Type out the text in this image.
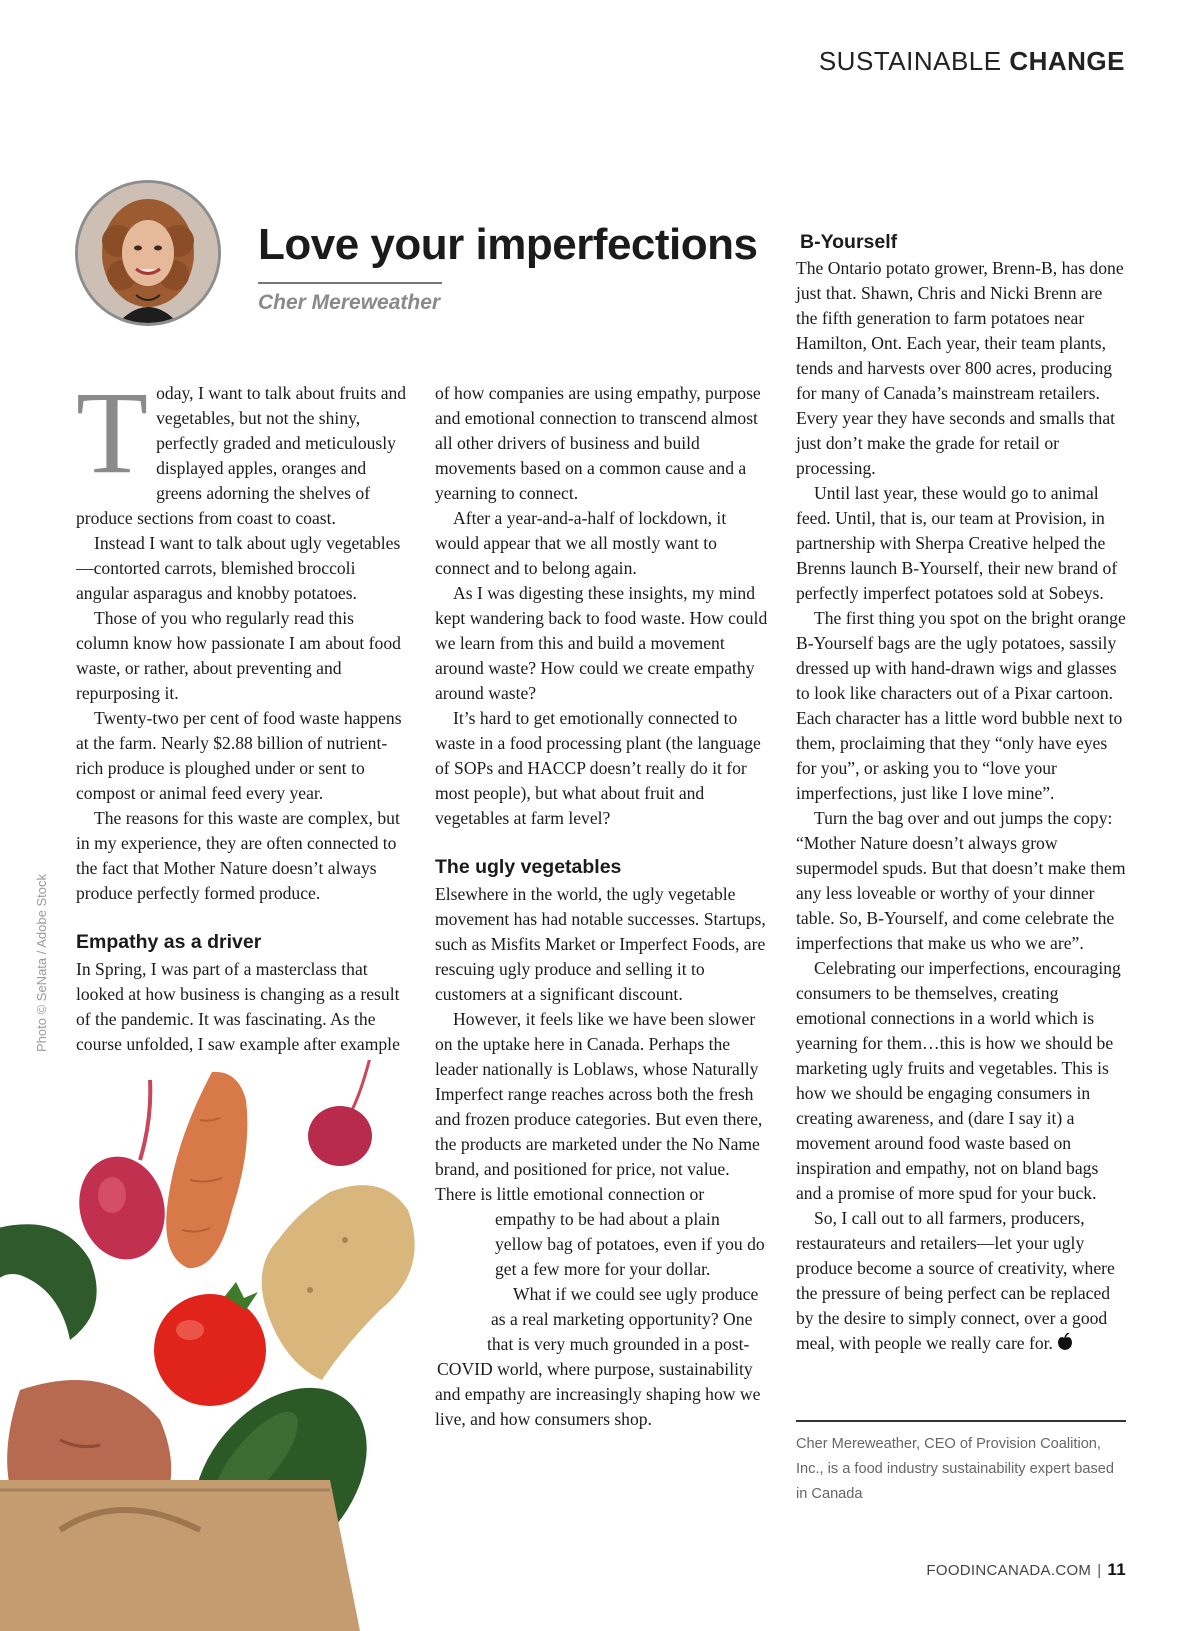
SUSTAINABLE CHANGE
Love your imperfections
Cher Mereweather
Photo © SeNata / Adobe Stock

Today, I want to talk about fruits and vegetables, but not the shiny, perfectly graded and meticulously displayed apples, oranges and greens adorning the shelves of produce sections from coast to coast.

Instead I want to talk about ugly vegetables—contorted carrots, blemished broccoli angular asparagus and knobby potatoes.

Those of you who regularly read this column know how passionate I am about food waste, or rather, about preventing and repurposing it.

Twenty-two per cent of food waste happens at the farm. Nearly $2.88 billion of nutrient-rich produce is ploughed under or sent to compost or animal feed every year.

The reasons for this waste are complex, but in my experience, they are often connected to the fact that Mother Nature doesn’t always produce perfectly formed produce.

Empathy as a driver

In Spring, I was part of a masterclass that looked at how business is changing as a result of the pandemic. It was fascinating. As the course unfolded, I saw example after example

of how companies are using empathy, purpose and emotional connection to transcend almost all other drivers of business and build movements based on a common cause and a yearning to connect.

After a year-and-a-half of lockdown, it would appear that we all mostly want to connect and to belong again.

As I was digesting these insights, my mind kept wandering back to food waste. How could we learn from this and build a movement around waste? How could we create empathy around waste?

It’s hard to get emotionally connected to waste in a food processing plant (the language of SOPs and HACCP doesn’t really do it for most people), but what about fruit and vegetables at farm level?

The ugly vegetables

Elsewhere in the world, the ugly vegetable movement has had notable successes. Startups, such as Misfits Market or Imperfect Foods, are rescuing ugly produce and selling it to customers at a significant discount.

However, it feels like we have been slower on the uptake here in Canada. Perhaps the leader nationally is Loblaws, whose Naturally Imperfect range reaches across both the fresh and frozen produce categories. But even there, the products are marketed under the No Name brand, and positioned for price, not value. There is little emotional connection or empathy to be had about a plain yellow bag of potatoes, even if you do get a few more for your dollar.

What if we could see ugly produce as a real marketing opportunity? One that is very much grounded in a post-COVID world, where purpose, sustainability and empathy are increasingly shaping how we live, and how consumers shop.

B-Yourself

The Ontario potato grower, Brenn-B, has done just that. Shawn, Chris and Nicki Brenn are the fifth generation to farm potatoes near Hamilton, Ont. Each year, their team plants, tends and harvests over 800 acres, producing for many of Canada’s mainstream retailers. Every year they have seconds and smalls that just don’t make the grade for retail or processing.

Until last year, these would go to animal feed. Until, that is, our team at Provision, in partnership with Sherpa Creative helped the Brenns launch B-Yourself, their new brand of perfectly imperfect potatoes sold at Sobeys.

The first thing you spot on the bright orange B-Yourself bags are the ugly potatoes, sassily dressed up with hand-drawn wigs and glasses to look like characters out of a Pixar cartoon. Each character has a little word bubble next to them, proclaiming that they “only have eyes for you”, or asking you to “love your imperfections, just like I love mine”.

Turn the bag over and out jumps the copy: “Mother Nature doesn’t always grow supermodel spuds. But that doesn’t make them any less loveable or worthy of your dinner table. So, B-Yourself, and come celebrate the imperfections that make us who we are”.

Celebrating our imperfections, encouraging consumers to be themselves, creating emotional connections in a world which is yearning for them…this is how we should be marketing ugly fruits and vegetables. This is how we should be engaging consumers in creating awareness, and (dare I say it) a movement around food waste based on inspiration and empathy, not on bland bags and a promise of more spud for your buck.

So, I call out to all farmers, producers, restaurateurs and retailers—let your ugly produce become a source of creativity, where the pressure of being perfect can be replaced by the desire to simply connect, over a good meal, with people we really care for.

Cher Mereweather, CEO of Provision Coalition, Inc., is a food industry sustainability expert based in Canada
FOODINCANADA.COM | 11
